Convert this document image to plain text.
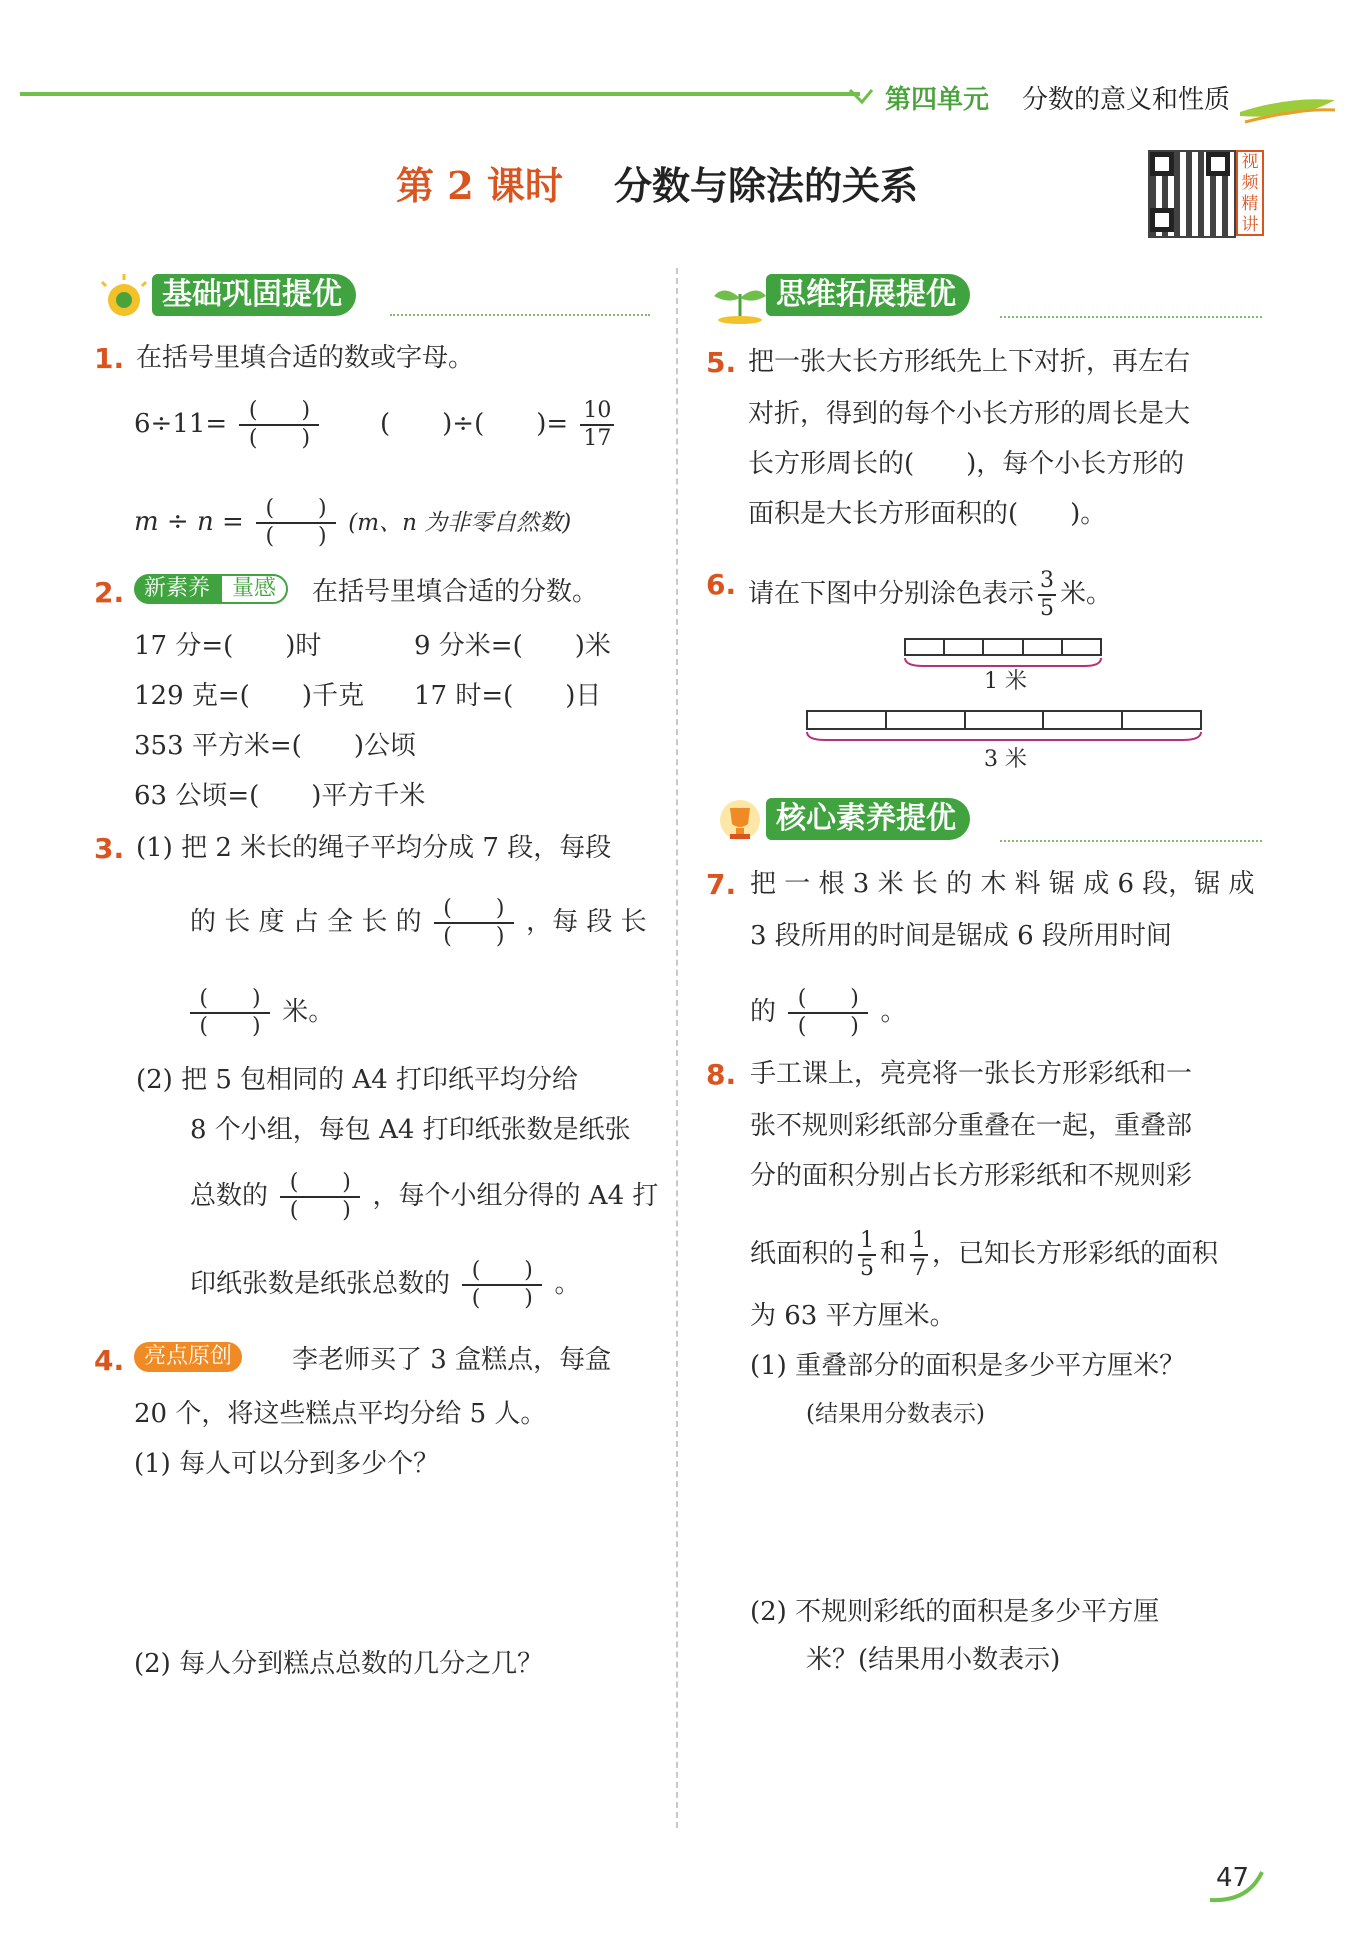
第四单元 分数的意义和性质
第 2 课时 分数与除法的关系
视
频
精
讲
基础巩固提优
1. 在括号里填合适的数或字母。
$6\div 11= \frac{( )}{( )}$ (　　)÷(　　)= $\frac{10}{17}$
$m \div n = \frac{( )}{( )} (m$、n 为非零自然数)
2. 新素养 量感	在括号里填合适的分数。
17 分=(　　)时	9 分米=(　　)米
129 克=(　　)千克 17 时=(　　)日
353 平方米=(　　)公顷
63 公顷=(　　)平方千米
3. (1) 把 2 米长的绳子平均分成 7 段，每段
的 长 度 占 全 长 的 $\frac{( )}{( )}$ ，每 段 长
$\frac{( )}{( )}$ 米。
(2) 把 5 包相同的 A4 打印纸平均分给
8 个小组，每包 A4 打印纸张数是纸张
总数的 $\frac{( )}{( )}$ ，每个小组分得的 A4 打
印纸张数是纸张总数的 $\frac{( )}{( )}$ 。
4. 亮点原创	李老师买了 3 盒糕点，每盒
20 个，将这些糕点平均分给 5 人。
(1) 每人可以分到多少个？
(2) 每人分到糕点总数的几分之几？
思维拓展提优
5. 把一张大长方形纸先上下对折，再左右
对折，得到的每个小长方形的周长是大
长方形周长的(　　)，每个小长方形的
面积是大长方形面积的(　　)。
6. 请在下图中分别涂色表示 $\frac{3}{5}$ 米。
1 米
3 米
核心素养提优
7. 把 一 根 3 米 长 的 木 料 锯 成 6 段，锯 成
3 段所用的时间是锯成 6 段所用时间
的 $\frac{( )}{( )}$ 。
8. 手工课上，亮亮将一张长方形彩纸和一
张不规则彩纸部分重叠在一起，重叠部
分的面积分别占长方形彩纸和不规则彩
纸面积的 $\frac{1}{5}$ 和 $\frac{1}{7}$ ，已知长方形彩纸的面积
为 63 平方厘米。
(1) 重叠部分的面积是多少平方厘米？
(结果用分数表示)
(2) 不规则彩纸的面积是多少平方厘
米？(结果用小数表示)
47
